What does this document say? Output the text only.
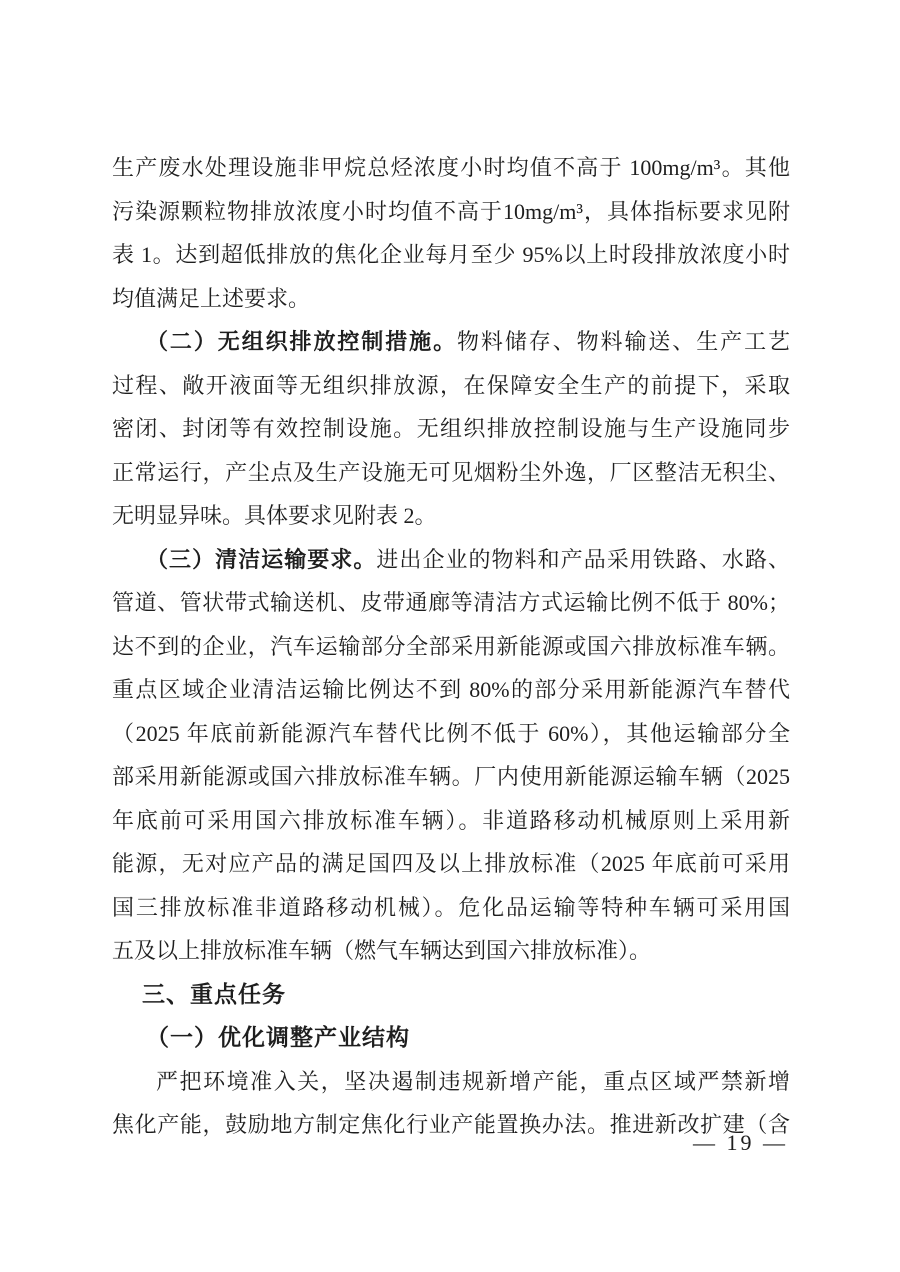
生产废水处理设施非甲烷总烃浓度小时均值不高于 100mg/m³。其他
污染源颗粒物排放浓度小时均值不高于10mg/m³，具体指标要求见附
表 1。达到超低排放的焦化企业每月至少 95%以上时段排放浓度小时
均值满足上述要求。
（二）无组织排放控制措施。物料储存、物料输送、生产工艺
过程、敞开液面等无组织排放源，在保障安全生产的前提下，采取
密闭、封闭等有效控制设施。无组织排放控制设施与生产设施同步
正常运行，产尘点及生产设施无可见烟粉尘外逸，厂区整洁无积尘、
无明显异味。具体要求见附表 2。
（三）清洁运输要求。进出企业的物料和产品采用铁路、水路、
管道、管状带式输送机、皮带通廊等清洁方式运输比例不低于 80%；
达不到的企业，汽车运输部分全部采用新能源或国六排放标准车辆。
重点区域企业清洁运输比例达不到 80%的部分采用新能源汽车替代
（2025 年底前新能源汽车替代比例不低于 60%），其他运输部分全
部采用新能源或国六排放标准车辆。厂内使用新能源运输车辆（2025
年底前可采用国六排放标准车辆）。非道路移动机械原则上采用新
能源，无对应产品的满足国四及以上排放标准（2025 年底前可采用
国三排放标准非道路移动机械）。危化品运输等特种车辆可采用国
五及以上排放标准车辆（燃气车辆达到国六排放标准）。
三、重点任务
（一）优化调整产业结构
严把环境准入关，坚决遏制违规新增产能，重点区域严禁新增
焦化产能，鼓励地方制定焦化行业产能置换办法。推进新改扩建（含
— 19 —
